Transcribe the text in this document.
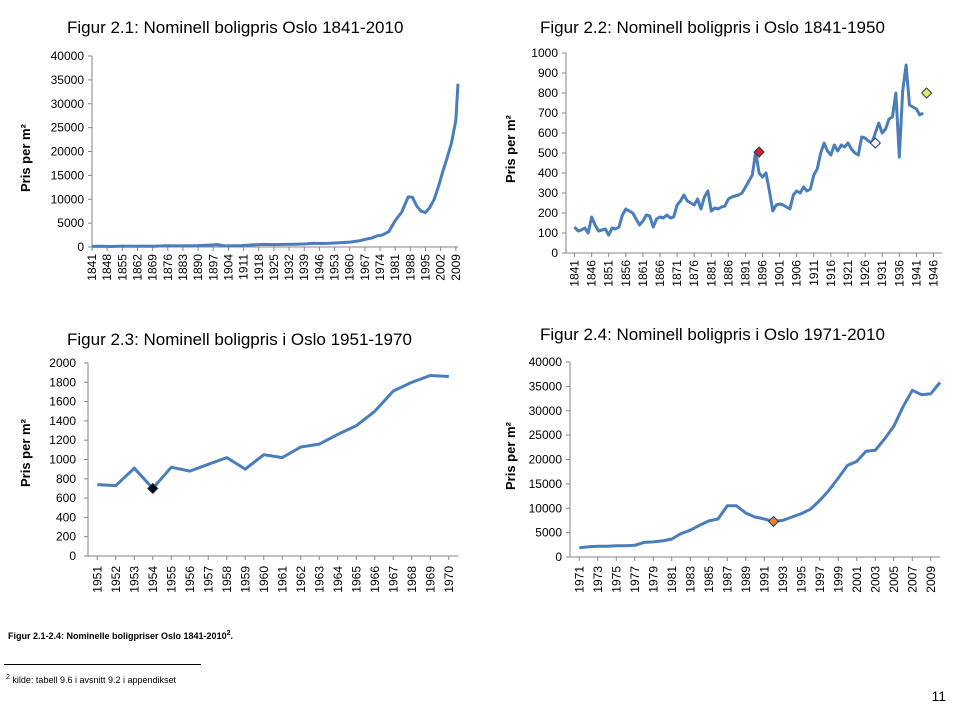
Figur 2.1: Nominell boligpris Oslo 1841-2010
Pris per m²
0
5000
10000
15000
20000
25000
30000
35000
40000
1841 1848 1855 1862 1869 1876 1883 1890 1897 1904 1911 1918 1925 1932 1939 1946 1953 1960 1967 1974 1981 1988 1995 2002 2009
Figur 2.2: Nominell boligpris i Oslo 1841-1950
Pris per m²
0
100
200
300
400
500
600
700
800
900
1000
1841 1846 1851 1856 1861 1866 1871 1876 1881 1886 1891 1896 1901 1906 1911 1916 1921 1926 1931 1936 1941 1946
Figur 2.3: Nominell boligpris i Oslo 1951-1970
Pris per m²
0
200
400
600
800
1000
1200
1400
1600
1800
2000
1951 1952 1953 1954 1955 1956 1957 1958 1959 1960 1961 1962 1963 1964 1965 1966 1967 1968 1969 1970
Figur 2.4: Nominell boligpris i Oslo 1971-2010
Pris per m²
0
5000
10000
15000
20000
25000
30000
35000
40000
1971 1973 1975 1977 1979 1981 1983 1985 1987 1989 1991 1993 1995 1997 1999 2001 2003 2005 2007 2009
Figur 2.1-2.4: Nominelle boligpriser Oslo 1841-2010$^2$.
$^2$ kilde: tabell 9.6 i avsnitt 9.2 i appendikset
11
